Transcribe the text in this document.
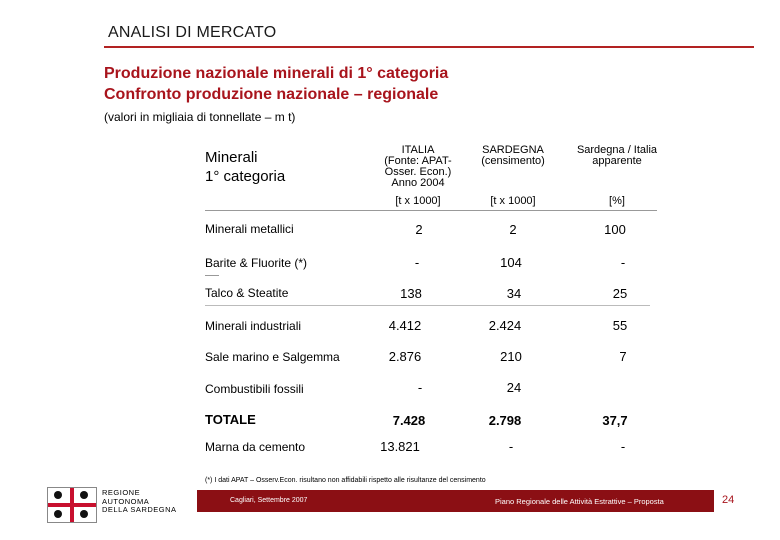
ANALISI DI MERCATO
Produzione nazionale minerali di 1° categoria
Confronto produzione nazionale – regionale
(valori in migliaia di tonnellate – m t)
Minerali
1° categoria
ITALIA
(Fonte: APAT-
Osser. Econ.)
Anno 2004
SARDEGNA
(censimento)
Sardegna / Italia
apparente
[t x 1000]	[t x 1000]	[%]
Minerali metallici	2	2	100
Barite & Fluorite (*)	-	104	-
Talco & Steatite	138	34	25
Minerali industriali	4.412	2.424	55
Sale marino e Salgemma	2.876	210	7
Combustibili fossili	-	24
TOTALE	7.428	2.798	37,7
Marna da cemento	13.821	-	-
(*) I dati APAT – Osserv.Econ. risultano non affidabili rispetto alle risultanze del censimento
REGIONE
AUTONOMA
DELLA SARDEGNA
Cagliari, Settembre 2007	Piano Regionale delle Attività Estrattive – Proposta	24
